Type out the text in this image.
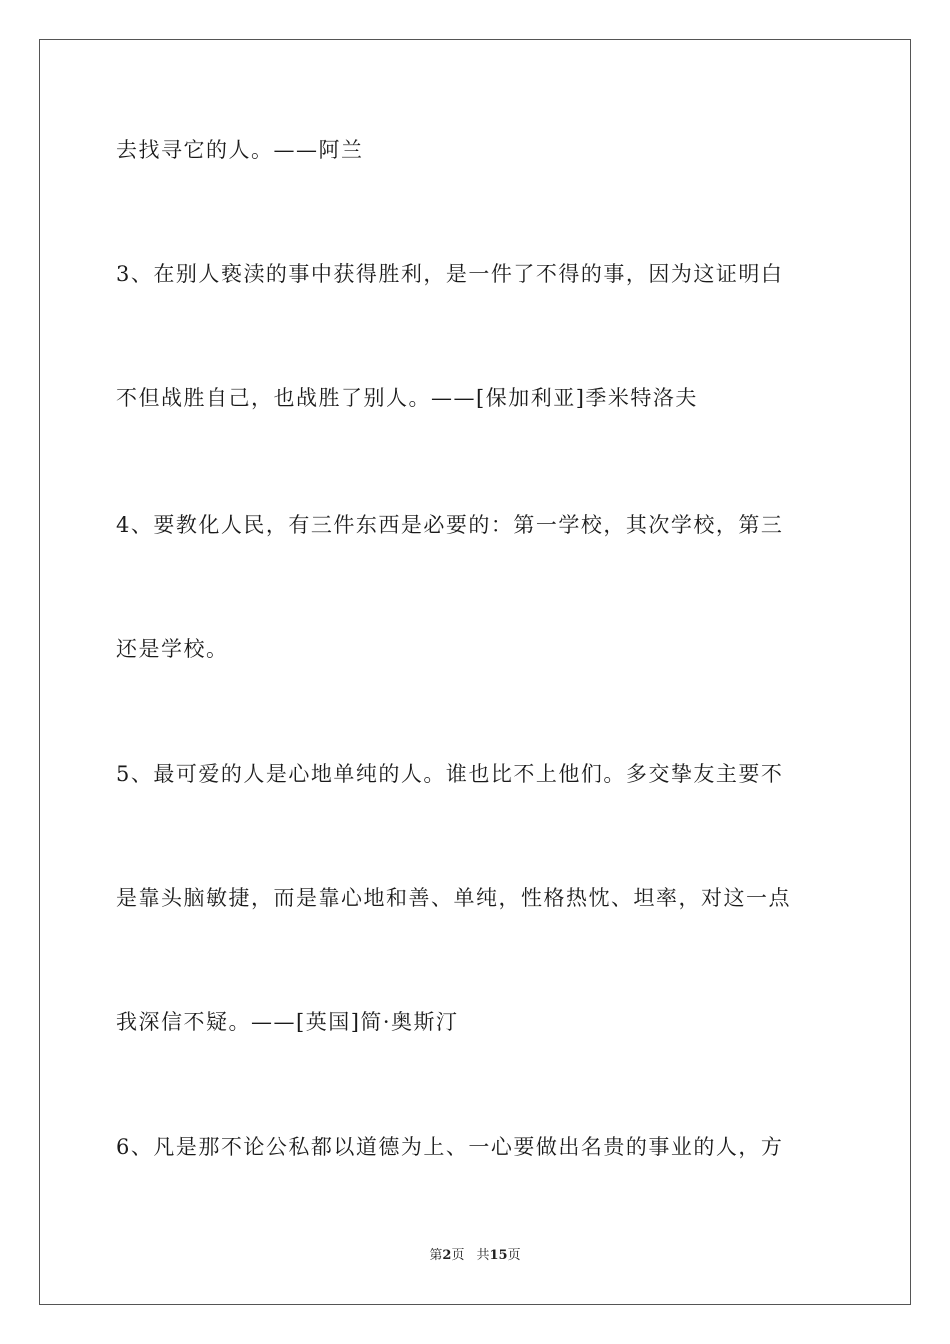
去找寻它的人。——阿兰
3、在别人亵渎的事中获得胜利，是一件了不得的事，因为这证明白
不但战胜自己，也战胜了别人。——[保加利亚]季米特洛夫
4、要教化人民，有三件东西是必要的：第一学校，其次学校，第三
还是学校。
5、最可爱的人是心地单纯的人。谁也比不上他们。多交挚友主要不
是靠头脑敏捷，而是靠心地和善、单纯，性格热忱、坦率，对这一点
我深信不疑。——[英国]简·奥斯汀
6、凡是那不论公私都以道德为上、一心要做出名贵的事业的人，方
第2页 共15页
